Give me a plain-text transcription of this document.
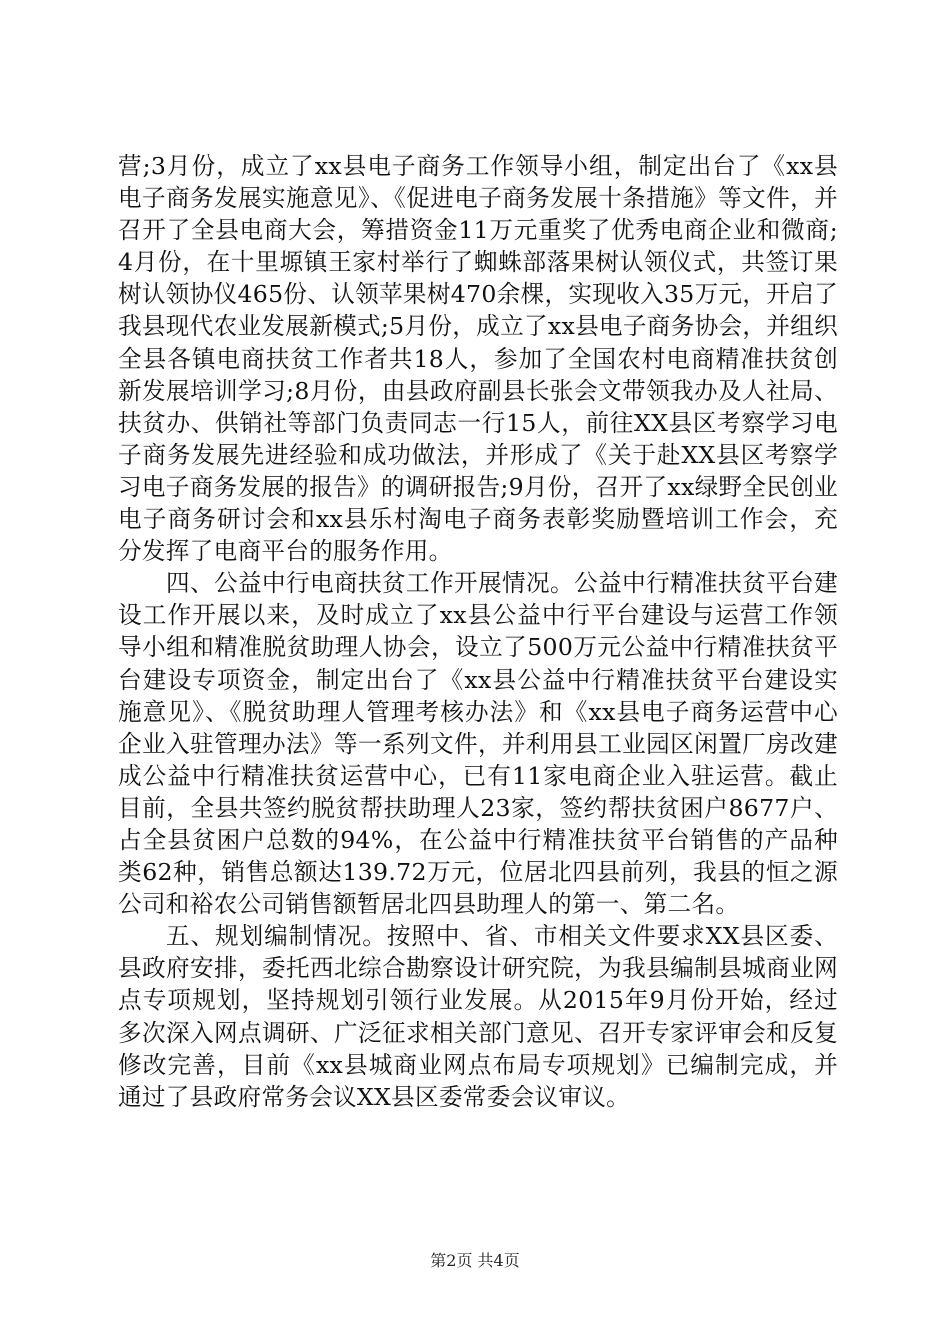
营;3月份，成立了xx县电子商务工作领导小组，制定出台了《xx县电子商务发展实施意见》、《促进电子商务发展十条措施》等文件，并召开了全县电商大会，筹措资金11万元重奖了优秀电商企业和微商;4月份，在十里塬镇王家村举行了蜘蛛部落果树认领仪式，共签订果树认领协仪465份、认领苹果树470余棵，实现收入35万元，开启了我县现代农业发展新模式;5月份，成立了xx县电子商务协会，并组织全县各镇电商扶贫工作者共18人，参加了全国农村电商精准扶贫创新发展培训学习;8月份，由县政府副县长张会文带领我办及人社局、扶贫办、供销社等部门负责同志一行15人，前往XX县区考察学习电子商务发展先进经验和成功做法，并形成了《关于赴XX县区考察学习电子商务发展的报告》的调研报告;9月份，召开了xx绿野全民创业电子商务研讨会和xx县乐村淘电子商务表彰奖励暨培训工作会，充分发挥了电商平台的服务作用。

四、公益中行电商扶贫工作开展情况。公益中行精准扶贫平台建设工作开展以来，及时成立了xx县公益中行平台建设与运营工作领导小组和精准脱贫助理人协会，设立了500万元公益中行精准扶贫平台建设专项资金，制定出台了《xx县公益中行精准扶贫平台建设实施意见》、《脱贫助理人管理考核办法》和《xx县电子商务运营中心企业入驻管理办法》等一系列文件，并利用县工业园区闲置厂房改建成公益中行精准扶贫运营中心，已有11家电商企业入驻运营。截止目前，全县共签约脱贫帮扶助理人23家，签约帮扶贫困户8677户、占全县贫困户总数的94%，在公益中行精准扶贫平台销售的产品种类62种，销售总额达139.72万元，位居北四县前列，我县的恒之源公司和裕农公司销售额暂居北四县助理人的第一、第二名。

五、规划编制情况。按照中、省、市相关文件要求XX县区委、县政府安排，委托西北综合勘察设计研究院，为我县编制县城商业网点专项规划，坚持规划引领行业发展。从2015年9月份开始，经过多次深入网点调研、广泛征求相关部门意见、召开专家评审会和反复修改完善，目前《xx县城商业网点布局专项规划》已编制完成，并通过了县政府常务会议XX县区委常委会议审议。

第2页 共4页
